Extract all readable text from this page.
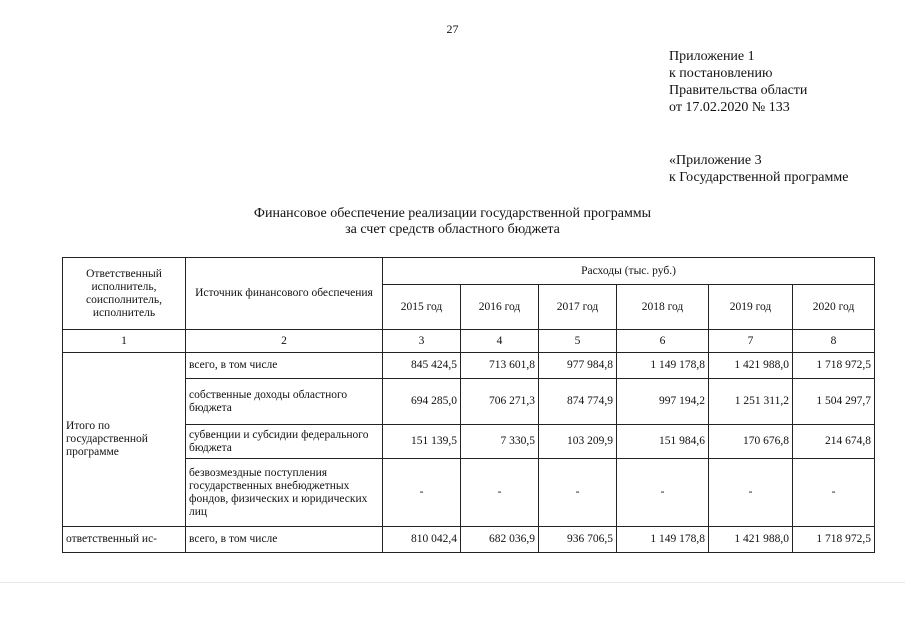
27
Приложение 1
к постановлению
Правительства области
от 17.02.2020 № 133
«Приложение 3
к Государственной программе
Финансовое обеспечение реализации государственной программы
за счет средств областного бюджета
Ответственный исполнитель, соисполнитель, исполнитель	Источник финансового обеспечения	Расходы (тыс. руб.)					
		2015 год	2016 год	2017 год	2018 год	2019 год	2020 год
1	2	3	4	5	6	7	8
Итого по государственной программе	всего, в том числе	845 424,5	713 601,8	977 984,8	1 149 178,8	1 421 988,0	1 718 972,5
	собственные доходы областного бюджета	694 285,0	706 271,3	874 774,9	997 194,2	1 251 311,2	1 504 297,7
	субвенции и субсидии федерального бюджета	151 139,5	7 330,5	103 209,9	151 984,6	170 676,8	214 674,8
	безвозмездные поступления государственных внебюджетных фондов, физических и юридических лиц	-	-	-	-	-	-
ответственный ис-	всего, в том числе	810 042,4	682 036,9	936 706,5	1 149 178,8	1 421 988,0	1 718 972,5
